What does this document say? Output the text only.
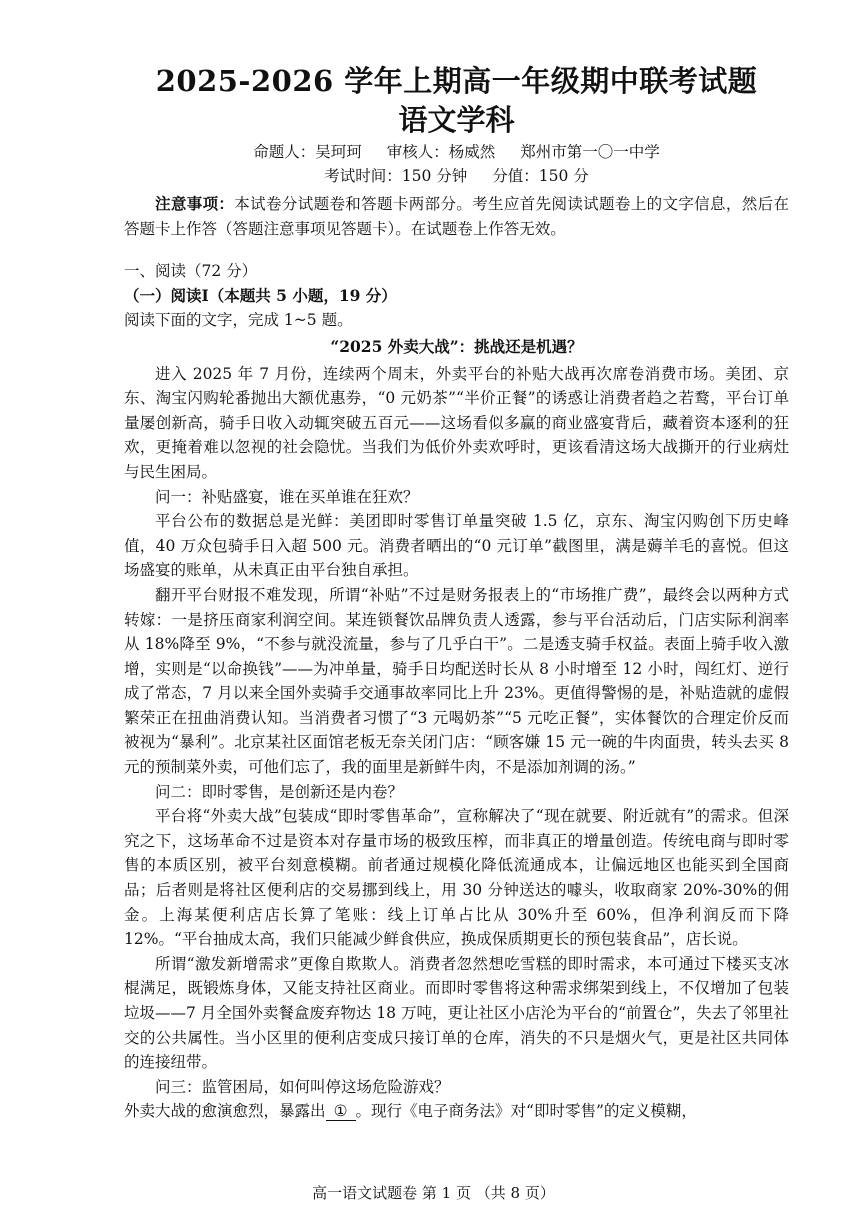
2025-2026 学年上期高一年级期中联考试题
语文学科
命题人：吴珂珂 审核人：杨威然 郑州市第一〇一中学
考试时间：150 分钟 分值：150 分

注意事项：本试卷分试题卷和答题卡两部分。考生应首先阅读试题卷上的文字信息，然后在答题卡上作答（答题注意事项见答题卡）。在试题卷上作答无效。

一、阅读（72 分）

（一）阅读Ⅰ（本题共 5 小题，19 分）

阅读下面的文字，完成 1~5 题。

“2025 外卖大战”：挑战还是机遇？

进入 2025 年 7 月份，连续两个周末，外卖平台的补贴大战再次席卷消费市场。美团、京东、淘宝闪购轮番抛出大额优惠券，“0 元奶茶”“半价正餐”的诱惑让消费者趋之若鹜，平台订单量屡创新高，骑手日收入动辄突破五百元——这场看似多赢的商业盛宴背后，藏着资本逐利的狂欢，更掩着难以忽视的社会隐忧。当我们为低价外卖欢呼时，更该看清这场大战撕开的行业病灶与民生困局。

问一：补贴盛宴，谁在买单谁在狂欢？

平台公布的数据总是光鲜：美团即时零售订单量突破 1.5 亿，京东、淘宝闪购创下历史峰值，40 万众包骑手日入超 500 元。消费者晒出的“0 元订单”截图里，满是薅羊毛的喜悦。但这场盛宴的账单，从未真正由平台独自承担。

翻开平台财报不难发现，所谓“补贴”不过是财务报表上的“市场推广费”，最终会以两种方式转嫁：一是挤压商家利润空间。某连锁餐饮品牌负责人透露，参与平台活动后，门店实际利润率从 18%降至 9%，“不参与就没流量，参与了几乎白干”。二是透支骑手权益。表面上骑手收入激增，实则是“以命换钱”——为冲单量，骑手日均配送时长从 8 小时增至 12 小时，闯红灯、逆行成了常态，7 月以来全国外卖骑手交通事故率同比上升 23%。更值得警惕的是，补贴造就的虚假繁荣正在扭曲消费认知。当消费者习惯了“3 元喝奶茶”“5 元吃正餐”，实体餐饮的合理定价反而被视为“暴利”。北京某社区面馆老板无奈关闭门店：“顾客嫌 15 元一碗的牛肉面贵，转头去买 8 元的预制菜外卖，可他们忘了，我的面里是新鲜牛肉，不是添加剂调的汤。”

问二：即时零售，是创新还是内卷？

平台将“外卖大战”包装成“即时零售革命”，宣称解决了“现在就要、附近就有”的需求。但深究之下，这场革命不过是资本对存量市场的极致压榨，而非真正的增量创造。传统电商与即时零售的本质区别，被平台刻意模糊。前者通过规模化降低流通成本，让偏远地区也能买到全国商品；后者则是将社区便利店的交易挪到线上，用 30 分钟送达的噱头，收取商家 20%-30%的佣金。上海某便利店店长算了笔账：线上订单占比从 30%升至 60%，但净利润反而下降 12%。“平台抽成太高，我们只能减少鲜食供应，换成保质期更长的预包装食品”，店长说。

所谓“激发新增需求”更像自欺欺人。消费者忽然想吃雪糕的即时需求，本可通过下楼买支冰棍满足，既锻炼身体，又能支持社区商业。而即时零售将这种需求绑架到线上，不仅增加了包装垃圾——7 月全国外卖餐盒废弃物达 18 万吨，更让社区小店沦为平台的“前置仓”，失去了邻里社交的公共属性。当小区里的便利店变成只接订单的仓库，消失的不只是烟火气，更是社区共同体的连接纽带。

问三：监管困局，如何叫停这场危险游戏？

外卖大战的愈演愈烈，暴露出 ① 。现行《电子商务法》对“即时零售”的定义模糊，

高一语文试题卷 第 1 页 （共 8 页）
